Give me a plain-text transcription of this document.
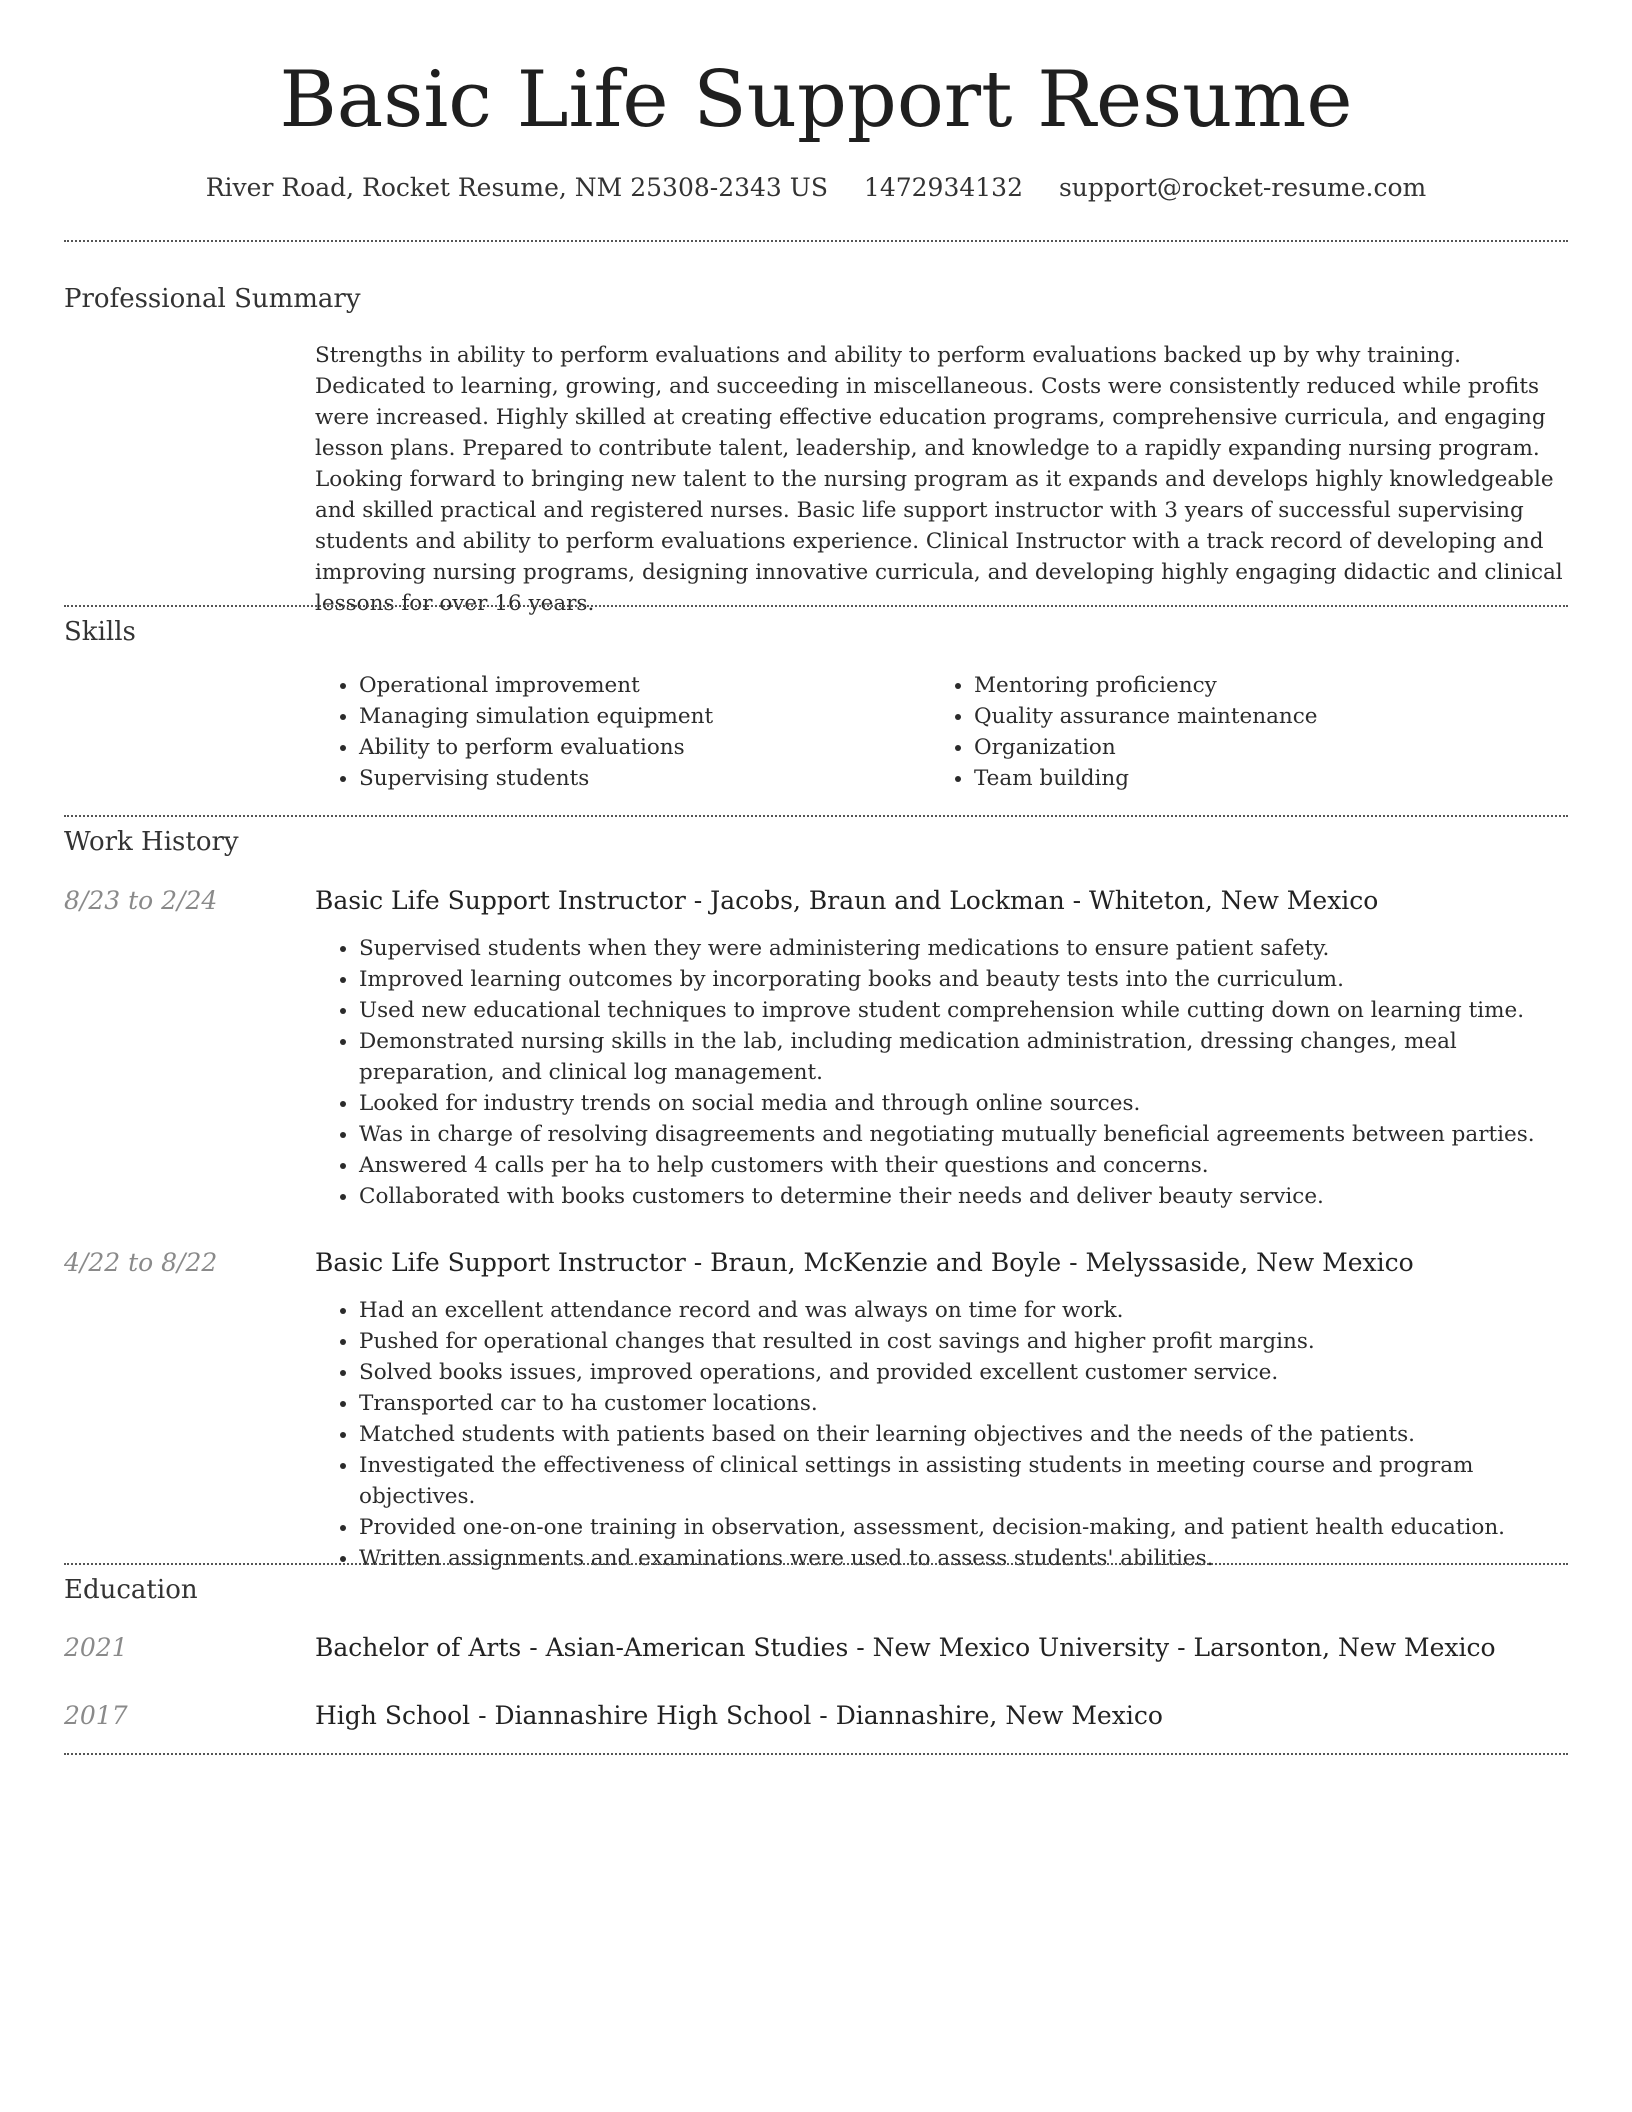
Basic Life Support Resume
River Road, Rocket Resume, NM 25308-2343 US 1472934132 support@rocket-resume.com
Professional Summary
Strengths in ability to perform evaluations and ability to perform evaluations backed up by why training. Dedicated to learning, growing, and succeeding in miscellaneous. Costs were consistently reduced while profits were increased. Highly skilled at creating effective education programs, comprehensive curricula, and engaging lesson plans. Prepared to contribute talent, leadership, and knowledge to a rapidly expanding nursing program. Looking forward to bringing new talent to the nursing program as it expands and develops highly knowledgeable and skilled practical and registered nurses. Basic life support instructor with 3 years of successful supervising students and ability to perform evaluations experience. Clinical Instructor with a track record of developing and improving nursing programs, designing innovative curricula, and developing highly engaging didactic and clinical lessons for over 16 years.
Skills
• Operational improvement
• Managing simulation equipment
• Ability to perform evaluations
• Supervising students
• Mentoring proficiency
• Quality assurance maintenance
• Organization
• Team building
Work History
8/23 to 2/24	Basic Life Support Instructor - Jacobs, Braun and Lockman - Whiteton, New Mexico
• Supervised students when they were administering medications to ensure patient safety.
• Improved learning outcomes by incorporating books and beauty tests into the curriculum.
• Used new educational techniques to improve student comprehension while cutting down on learning time.
• Demonstrated nursing skills in the lab, including medication administration, dressing changes, meal preparation, and clinical log management.
• Looked for industry trends on social media and through online sources.
• Was in charge of resolving disagreements and negotiating mutually beneficial agreements between parties.
• Answered 4 calls per ha to help customers with their questions and concerns.
• Collaborated with books customers to determine their needs and deliver beauty service.
4/22 to 8/22	Basic Life Support Instructor - Braun, McKenzie and Boyle - Melyssaside, New Mexico
• Had an excellent attendance record and was always on time for work.
• Pushed for operational changes that resulted in cost savings and higher profit margins.
• Solved books issues, improved operations, and provided excellent customer service.
• Transported car to ha customer locations.
• Matched students with patients based on their learning objectives and the needs of the patients.
• Investigated the effectiveness of clinical settings in assisting students in meeting course and program objectives.
• Provided one-on-one training in observation, assessment, decision-making, and patient health education.
• Written assignments and examinations were used to assess students' abilities.
Education
2021	Bachelor of Arts - Asian-American Studies - New Mexico University - Larsonton, New Mexico
2017	High School - Diannashire High School - Diannashire, New Mexico
